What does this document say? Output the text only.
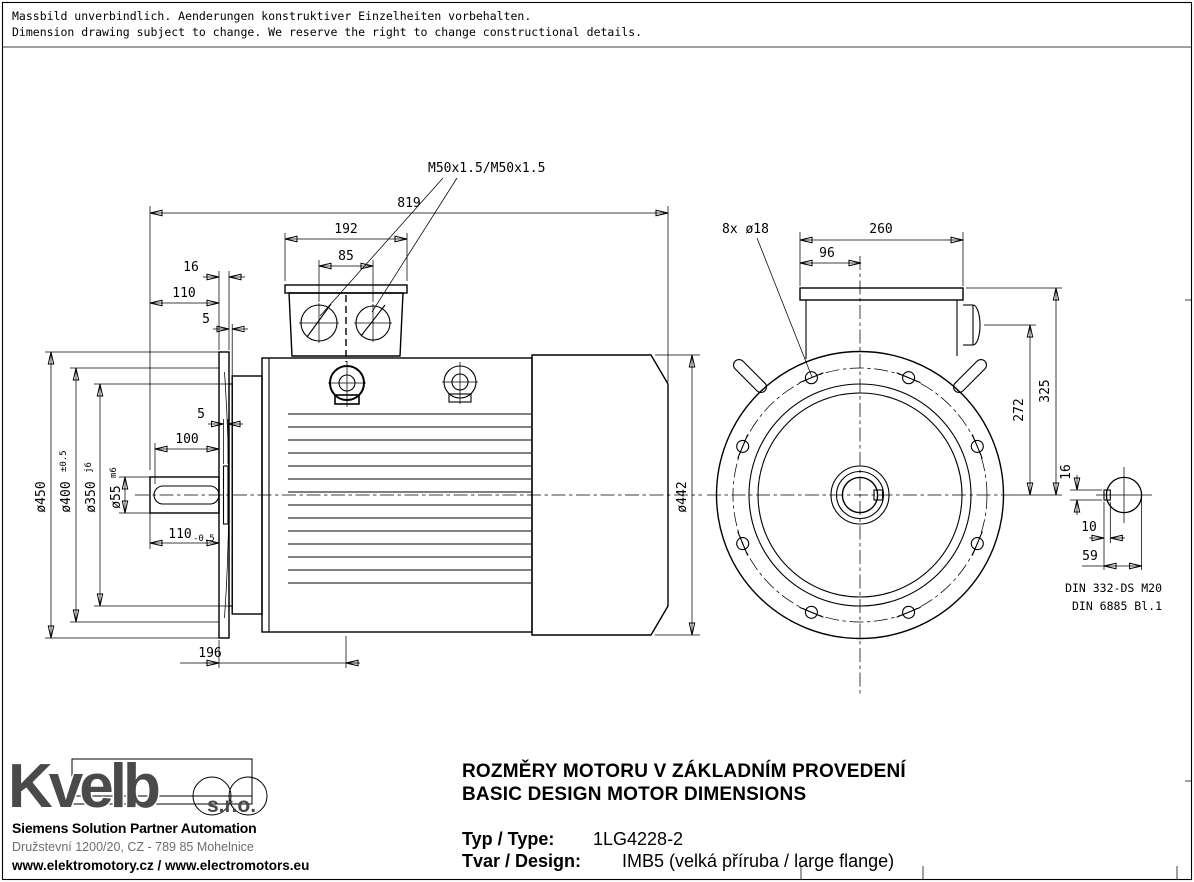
Massbild unverbindlich. Aenderungen konstruktiver Einzelheiten vorbehalten.
Dimension drawing subject to change. We reserve the right to change constructional details.
M50x1.5/M50x1.5
819
192
85
16
110
5
100
5
110 -0.5
ø450 ø400
±0.5
ø350
j6
ø55
m6
196
ø442
8x ø18	260
96
272
325
16
10
59
DIN 332-DS M20
DIN 6885 Bl.1
Kvelb s.r.o.
Siemens Solution Partner Automation
Družstevní 1200/20, CZ - 789 85 Mohelnice
www.elektromotory.cz / www.electromotors.eu
ROZMĚRY MOTORU V ZÁKLADNÍM PROVEDENÍ
BASIC DESIGN MOTOR DIMENSIONS
Typ / Type: 1LG4228-2
Tvar / Design: IMB5 (velká příruba / large flange)
